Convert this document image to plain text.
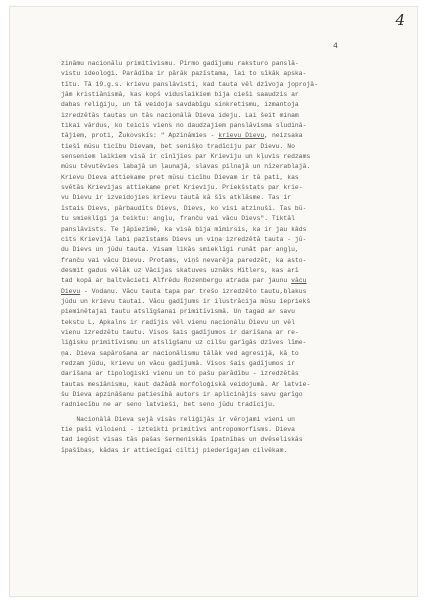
4
4
zināmu nacionālu primitīvismu. Pirmo gadījumu raksturo panslā-
vistu ideoloģi. Parādība ir pārāk pazīstama, lai to sīkāk apska-
tītu. Tā 19.g.s. krievu panslāvisti, kad tauta vēl dzīvoja joprojā-
jām kristiānismā, kas kopš viduslaikiem bija cieši saaudzis ar
dabas reliģiju, un tā veidoja savdabīgu sinkretismu, izmantoja
izredzētās tautas un tās nacionālā Dieva ideju. Lai šeit minam
tikai vārdus, ko teicis viens no daudzajiem panslāvisma sludinā-
tājiem, proti, Žukovskis: " Apzināmies - krievu Dievu, neizsaka
tiešī mūsu ticību Dievam, bet senišķo tradīciju par Dievu. No
senseniem laikiem visā ir cīnījies par Krieviju un kļuvis redzams
mūsu tēvutēvies labajā un ļaunajā, slavas pilnajā un nīzerablajā.
Krievu Dieva attiekame pret mūsu ticību Dievam ir tā pati, kas
svētās Krievijas attiekame pret Krieviju. Priekšstats par krie-
vu Dievu ir izveidojies krievu tautā kā šīs atklāsme. Tas ir
īstais Dievs, pārbaudīts Dievs, Dievs, ko visi atzinuši. Tas bū-
tu smieklīgi ja teiktu: angļu, franču vai vācu Dievs". Tiktāl
panslāvists. Te jāpiezīmē, ka visā bija mīmirsis, ka ir jau kāds
cits Krievijā labi pazīstams Dievs un viņa izredzētā tauta - jū-
du Dievs un jūdu tauta. Visam likās smieklīgi runāt par angļu,
franču vai vācu Dievu. Protams, viņš nevarēja paredzēt, ka asto-
desmit gadus vēlāk uz Vācijas skatuves uznāks Hitlers, kas arī
tad kopā ar baltvācieti Alfrēdu Rozenbergu atrada par jaunu vācu
Dievu - Vodanu. Vācu tauta tapa par trešo izredzēto tautu,blakus
jūdu un krievu tautai. Vācu gadījums ir ilustrācija mūsu iepriekš
pieminētajai tautu atslīgšanai primitīvismā. Un tagad ar savu
tekstu L. Apkalns ir radījis vēl vienu nacionālu Dievu un vēl
vienu izredzētu tautu. Visos šais gadījumos ir darīšana ar re-
liģisku primitīvismu un atslīgšanu uz cilšu garīgās dzīves līme-
ņa. Dieva sapārošana ar nacionālismu tālāk ved agresijā, kā to
redzam jūdu, krievu un vācu gadījumā. Visos šais gadījumos ir
darīšana ar tipoloģiski vienu un to pašu parādību - izredzētās
tautas mesiānismu, kaut dažādā morfoloģiskā veidojumā. Ar latvie-
šu Dieva apzināšanu patiesībā autors ir aplicinājis savu garīgo
radniecību ne ar seno latvieši, bet seno jūdu tradīciju.
Nacionālā Dieva sejā visās reliģijās ir vērojami vieni un
tie paši viloieni - izteikti primitīvs antropomorfisms. Dieva
tad iegūst visas tās pašas šermeniskās īpatnības un dvēseliskās
īpašības, kādas ir attiecīgai ciltij piederīgajam cilvēkam.
